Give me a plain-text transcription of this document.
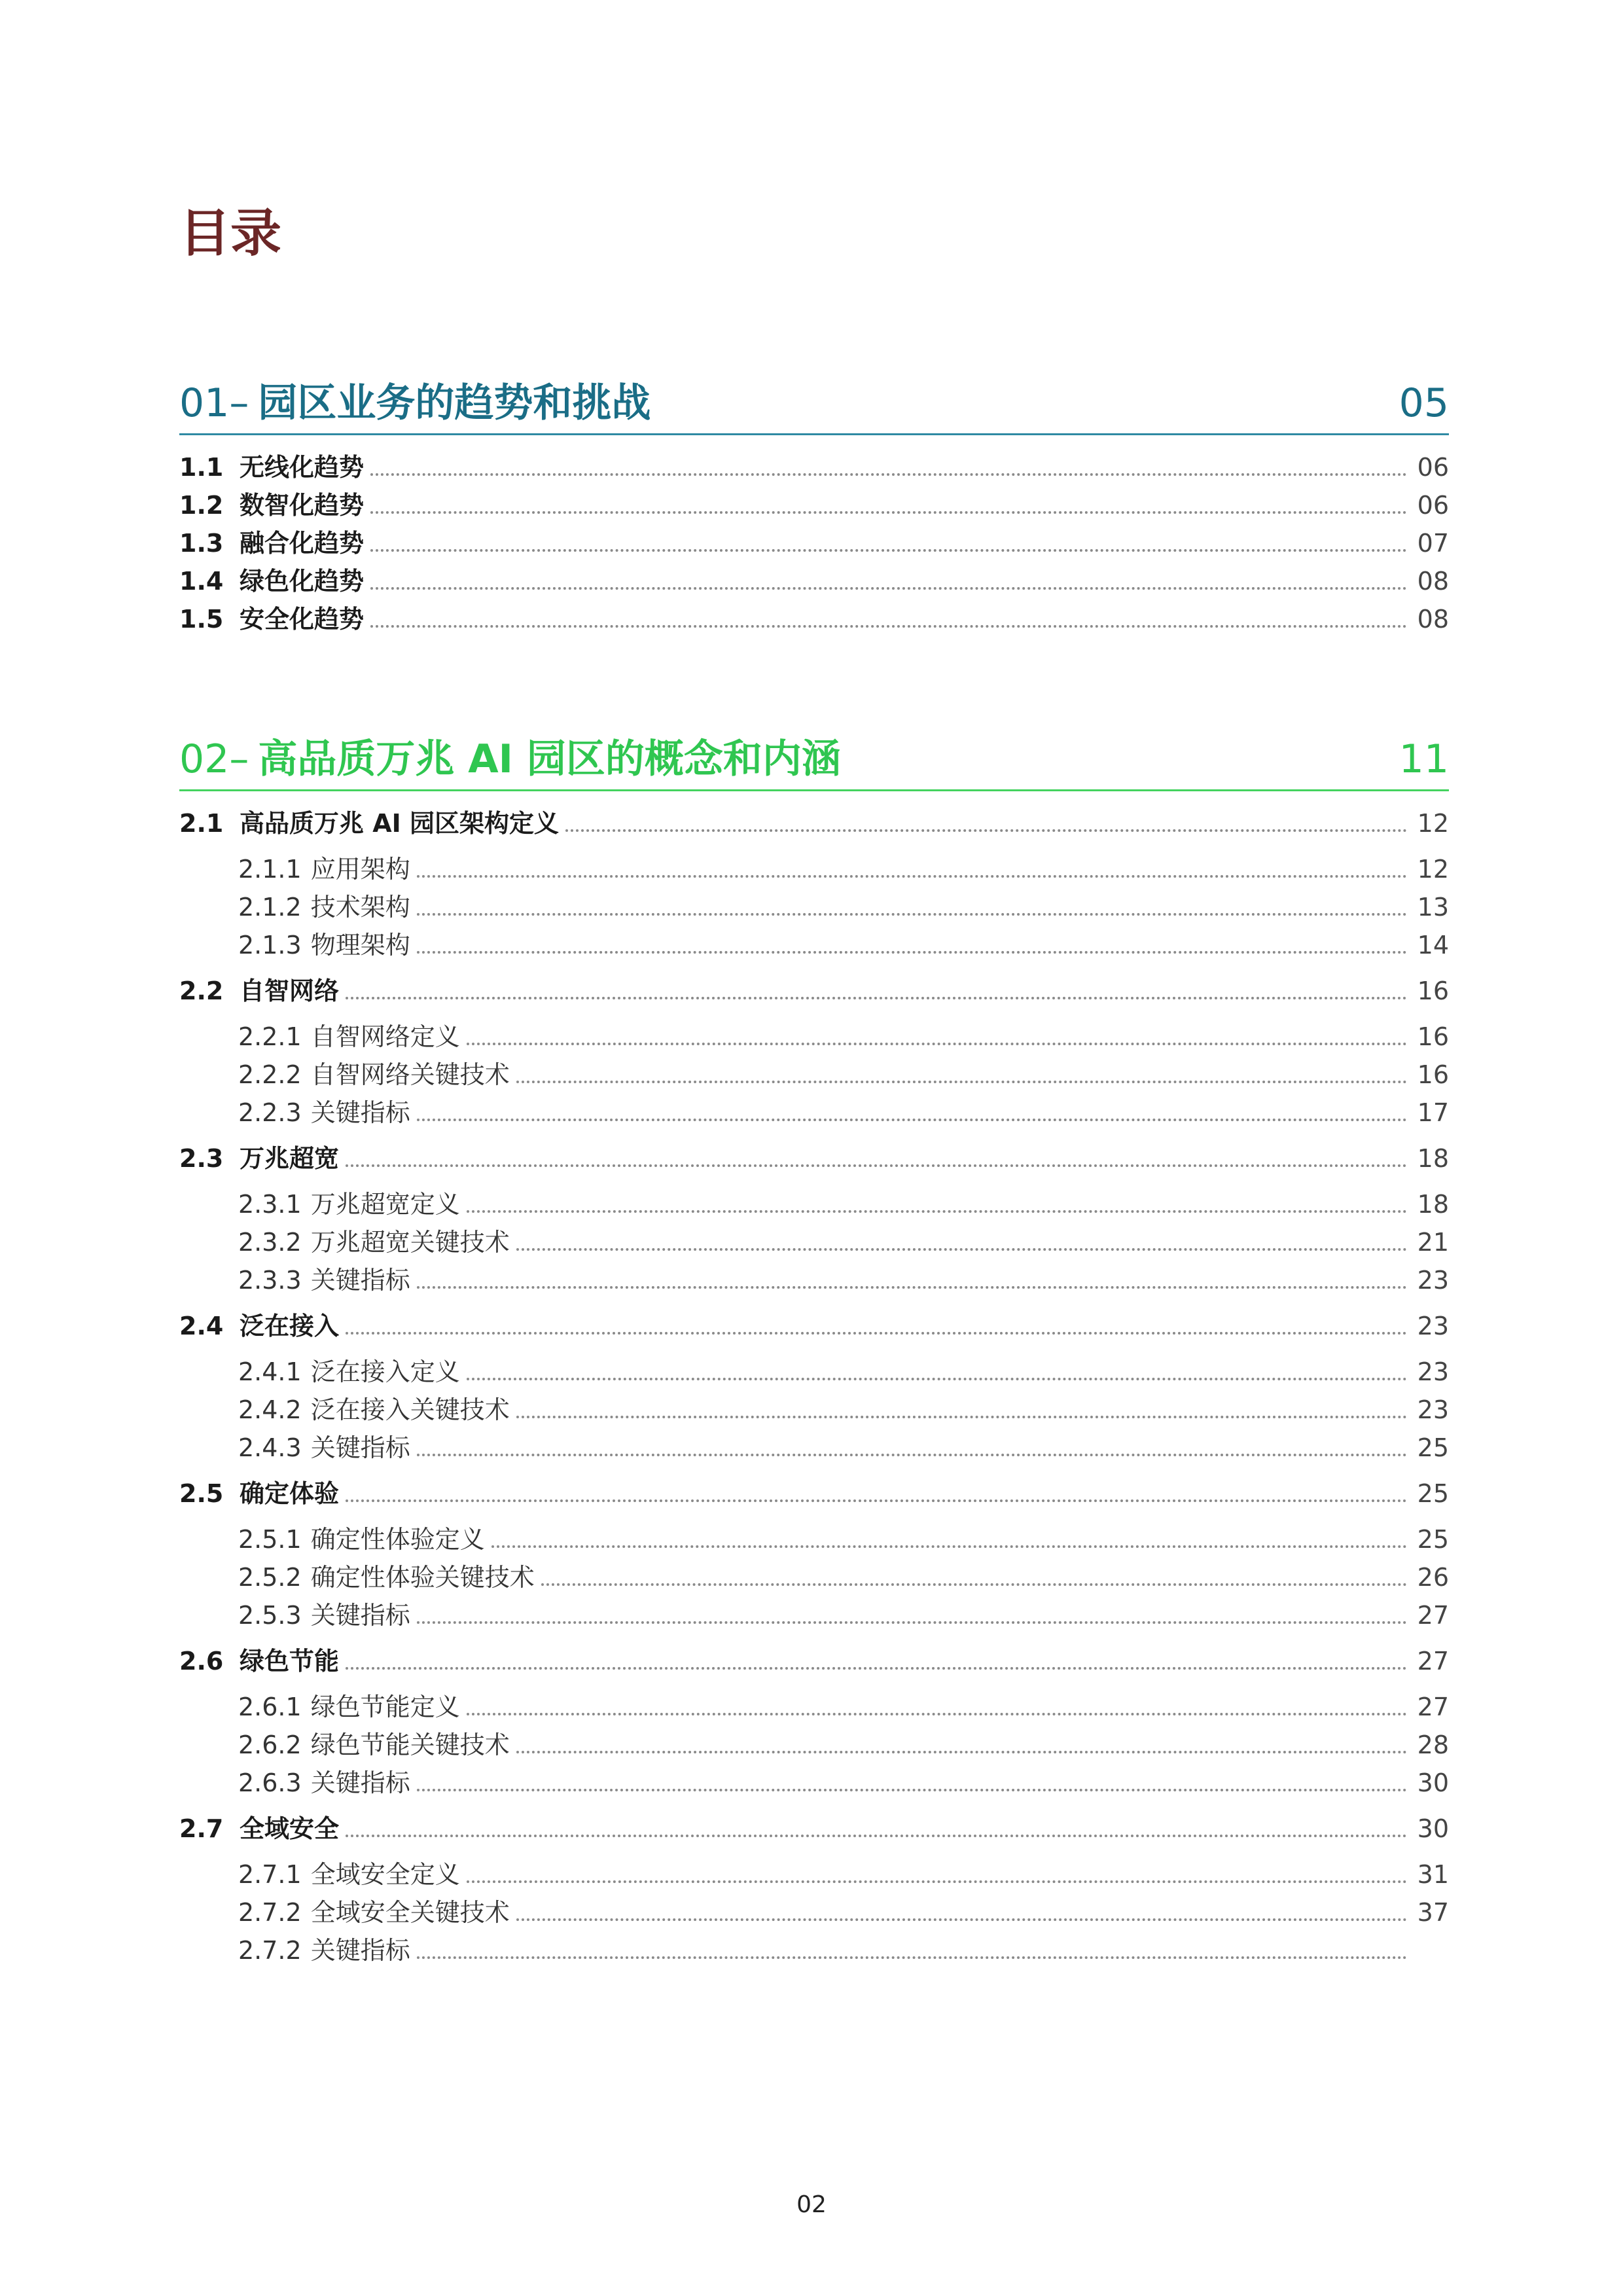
目录
01– 园区业务的趋势和挑战	05
1.1 无线化趋势	06
1.2 数智化趋势	06
1.3 融合化趋势	07
1.4 绿色化趋势	08
1.5 安全化趋势	08
02– 高品质万兆 AI 园区的概念和内涵	11
2.1 高品质万兆 AI 园区架构定义	12
2.1.1 应用架构	12
2.1.2 技术架构	13
2.1.3 物理架构	14
2.2 自智网络	16
2.2.1 自智网络定义	16
2.2.2 自智网络关键技术	16
2.2.3 关键指标	17
2.3 万兆超宽	18
2.3.1 万兆超宽定义	18
2.3.2 万兆超宽关键技术	21
2.3.3 关键指标	23
2.4 泛在接入	23
2.4.1 泛在接入定义	23
2.4.2 泛在接入关键技术	23
2.4.3 关键指标	25
2.5 确定体验	25
2.5.1 确定性体验定义	25
2.5.2 确定性体验关键技术	26
2.5.3 关键指标	27
2.6 绿色节能	27
2.6.1 绿色节能定义	27
2.6.2 绿色节能关键技术	28
2.6.3 关键指标	30
2.7 全域安全	30
2.7.1 全域安全定义	31
2.7.2 全域安全关键技术	37
2.7.2 关键指标
02
